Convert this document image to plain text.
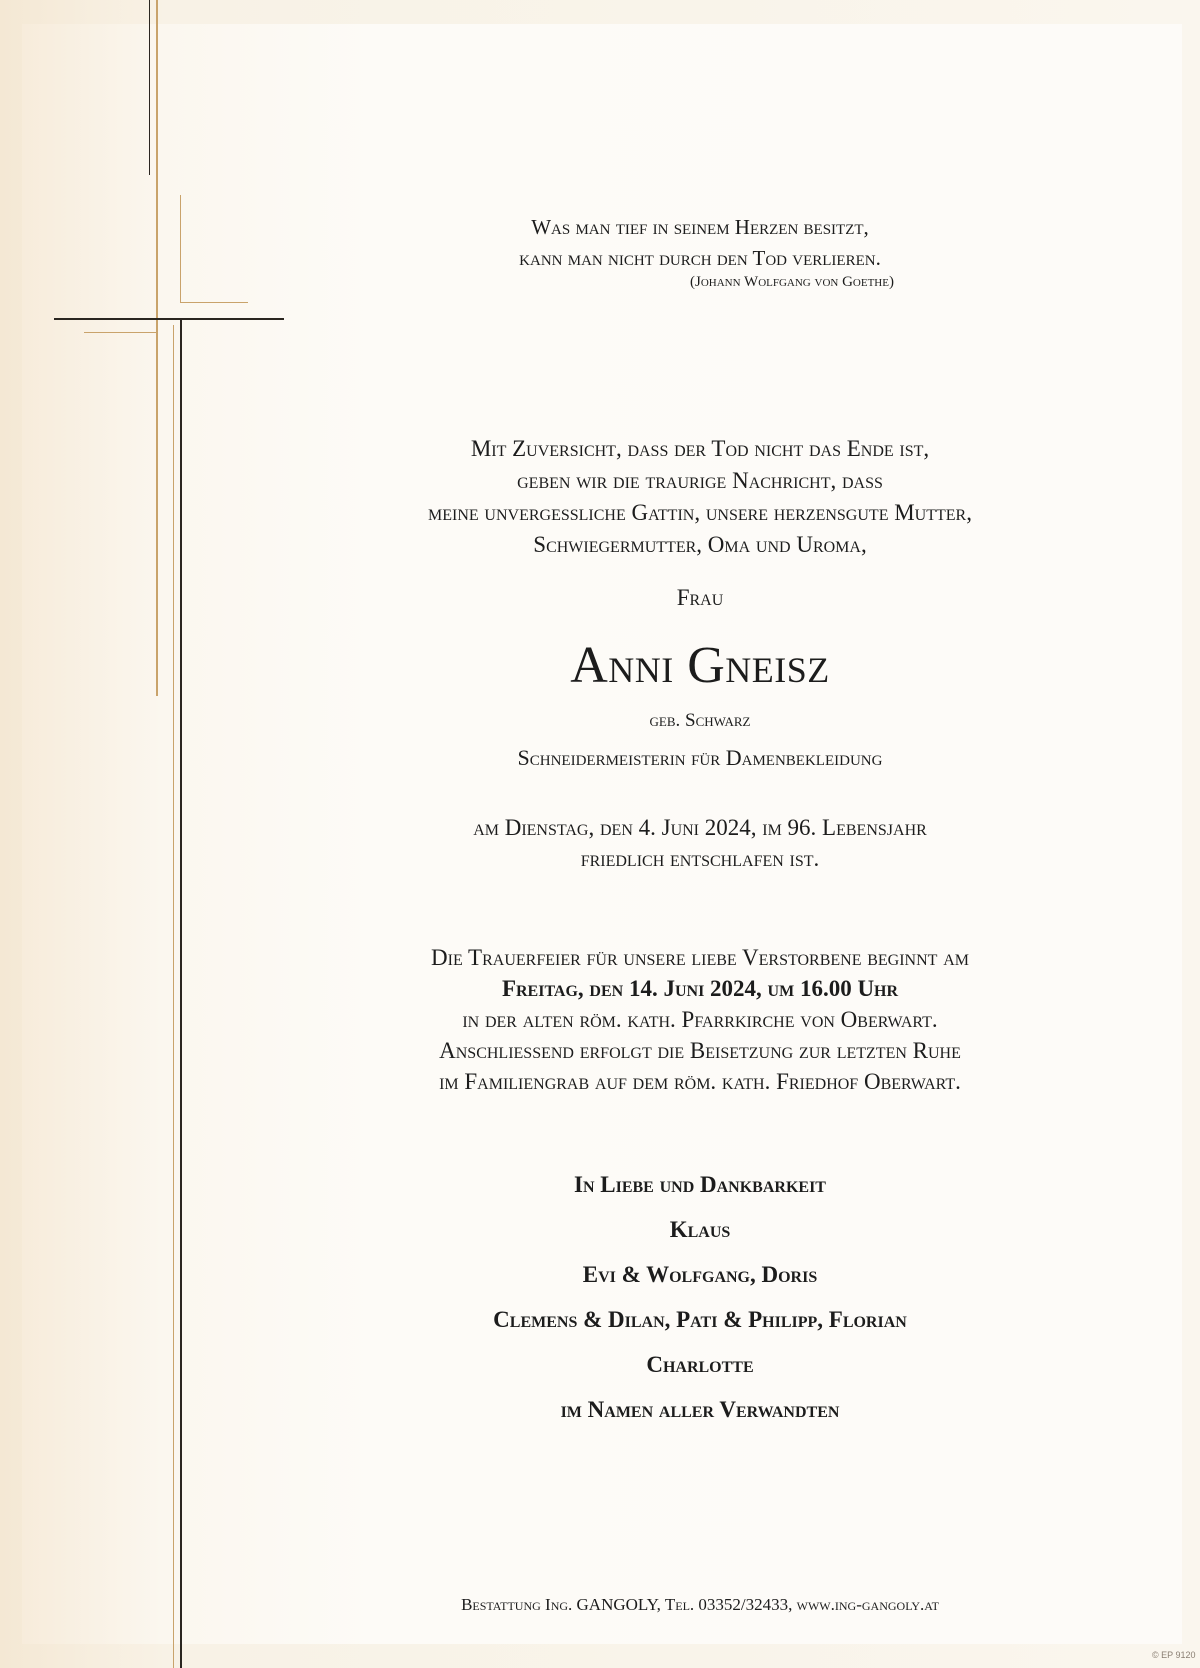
Was man tief in seinem Herzen besitzt,
kann man nicht durch den Tod verlieren.
(Johann Wolfgang von Goethe)
Mit Zuversicht, dass der Tod nicht das Ende ist,
geben wir die traurige Nachricht, dass
meine unvergessliche Gattin, unsere herzensgute Mutter,
Schwiegermutter, Oma und Uroma,
Frau
Anni Gneisz
geb. Schwarz
Schneidermeisterin für Damenbekleidung
am Dienstag, den 4. Juni 2024, im 96. Lebensjahr
friedlich entschlafen ist.
Die Trauerfeier für unsere liebe Verstorbene beginnt am
Freitag, den 14. Juni 2024, um 16.00 Uhr
in der alten röm. kath. Pfarrkirche von Oberwart.
Anschließend erfolgt die Beisetzung zur letzten Ruhe
im Familiengrab auf dem röm. kath. Friedhof Oberwart.
In Liebe und Dankbarkeit
Klaus
Evi & Wolfgang, Doris
Clemens & Dilan, Pati & Philipp, Florian
Charlotte
im Namen aller Verwandten
Bestattung Ing. GANGOLY, Tel. 03352/32433, www.ing-gangoly.at
© EP 9120
